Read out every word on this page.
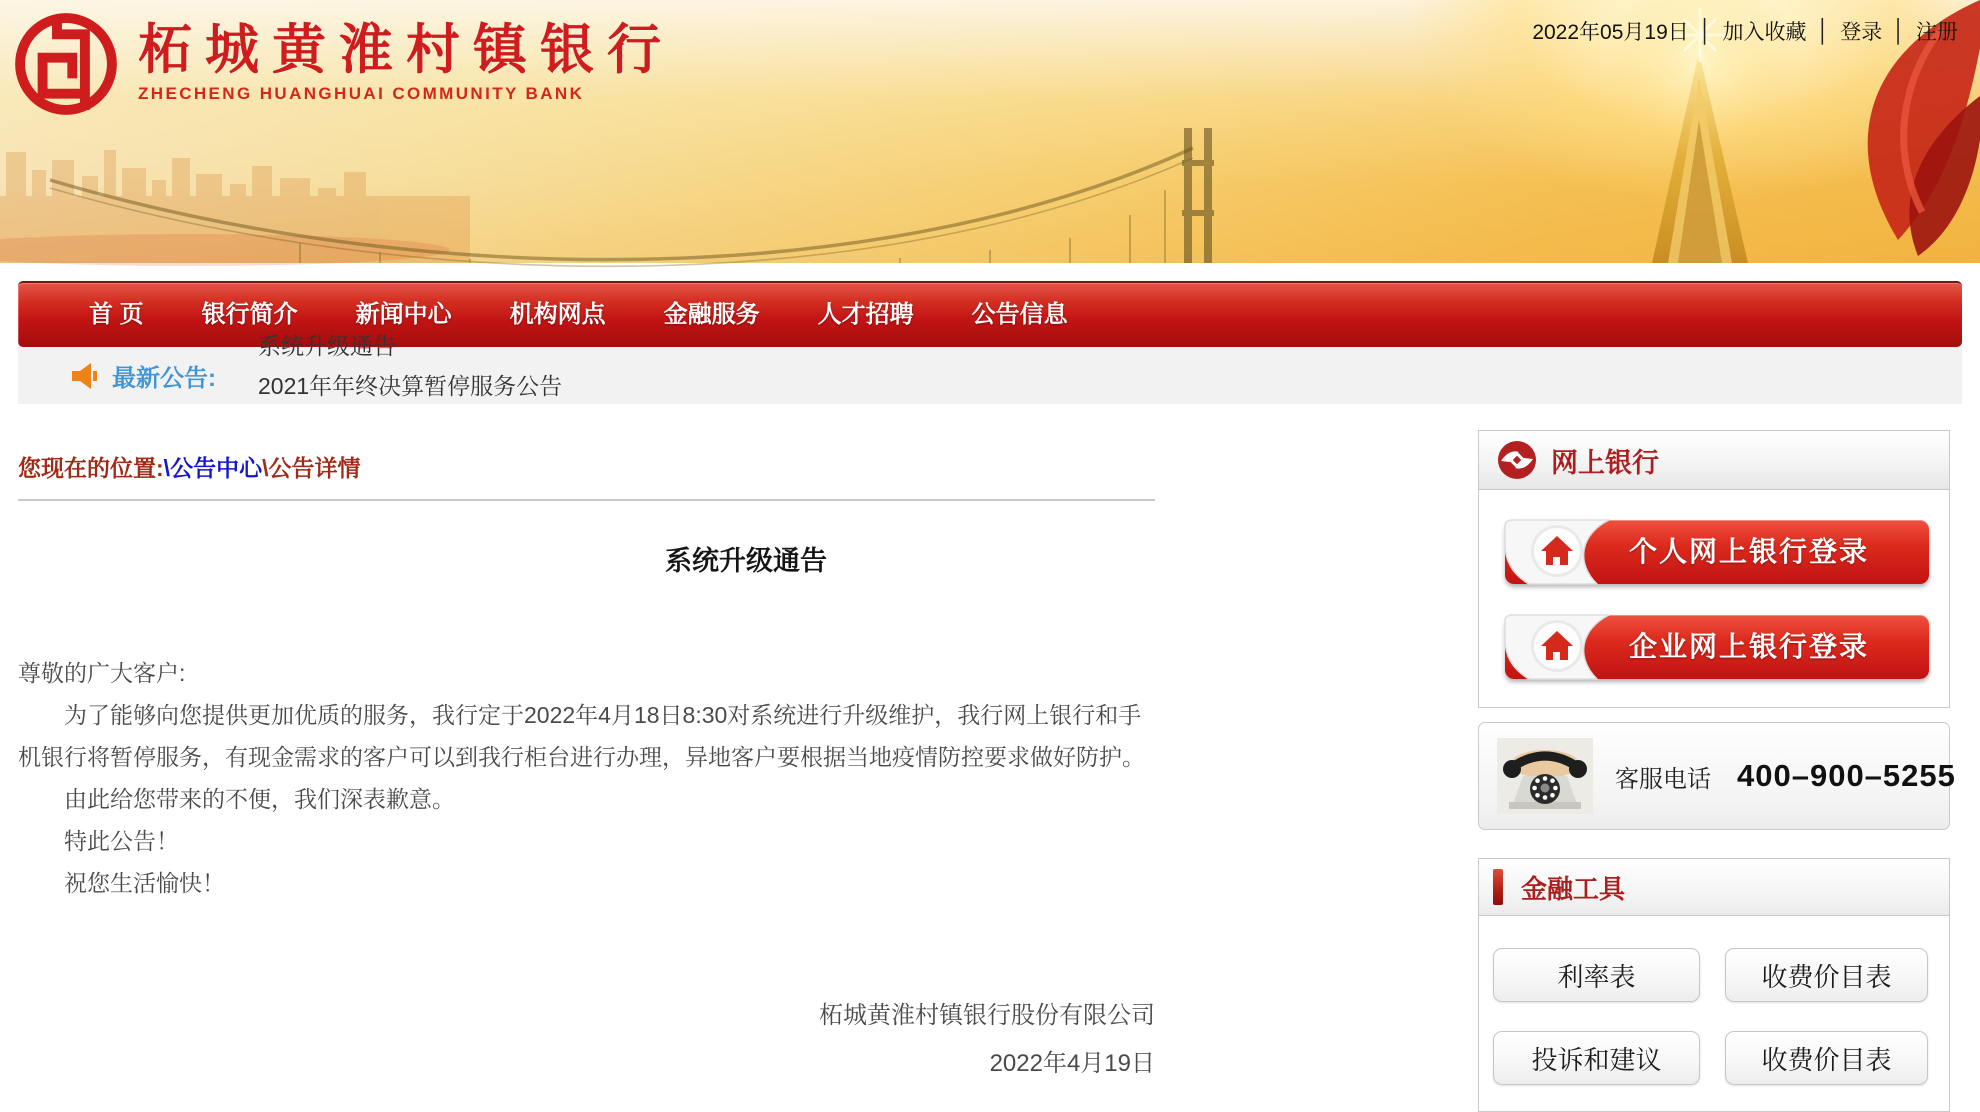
柘城黄淮村镇银行
ZHECHENG HUANGHUAI COMMUNITY BANK
2022年05月19日 │ 加入收藏 │ 登录 │ 注册
首 页	银行简介	新闻中心	机构网点	金融服务	人才招聘	公告信息
最新公告:
系统升级通告
2021年年终决算暂停服务公告
您现在的位置:\公告中心\公告详情
系统升级通告

尊敬的广大客户:

为了能够向您提供更加优质的服务，我行定于2022年4月18日8:30对系统进行升级维护，我行网上银行和手机银行将暂停服务，有现金需求的客户可以到我行柜台进行办理，异地客户要根据当地疫情防控要求做好防护。

由此给您带来的不便，我们深表歉意。

特此公告！

祝您生活愉快！

柘城黄淮村镇银行股份有限公司
2022年4月19日
网上银行
个人网上银行登录
企业网上银行登录
客服电话 400–900–5255
金融工具
利率表	收费价目表
投诉和建议	收费价目表
